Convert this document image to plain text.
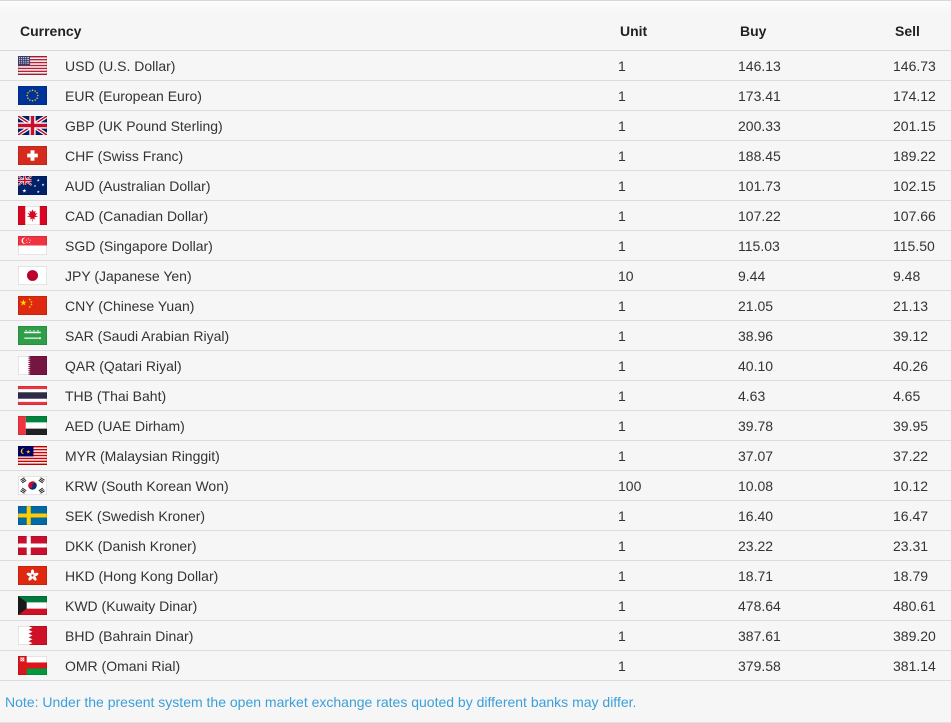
Currency	Unit	Buy	Sell
USD (U.S. Dollar)	1	146.13	146.73
EUR (European Euro)	1	173.41	174.12
GBP (UK Pound Sterling)	1	200.33	201.15
CHF (Swiss Franc)	1	188.45	189.22
★
★
★
★
★ AUD (Australian Dollar)	1	101.73	102.15
CAD (Canadian Dollar)	1	107.22	107.66
SGD (Singapore Dollar)	1	115.03	115.50
JPY (Japanese Yen)	10	9.44	9.48
★ ★
★
★
★ CNY (Chinese Yuan)	1	21.05	21.13
SAR (Saudi Arabian Riyal)	1	38.96	39.12
QAR (Qatari Riyal)	1	40.10	40.26
THB (Thai Baht)	1	4.63	4.65
AED (UAE Dirham)	1	39.78	39.95
★ MYR (Malaysian Ringgit)	1	37.07	37.22
KRW (South Korean Won)	100	10.08	10.12
SEK (Swedish Kroner)	1	16.40	16.47
DKK (Danish Kroner)	1	23.22	23.31
HKD (Hong Kong Dollar)	1	18.71	18.79
KWD (Kuwaity Dinar)	1	478.64	480.61
BHD (Bahrain Dinar)	1	387.61	389.20
OMR (Omani Rial)	1	379.58	381.14
Note: Under the present system the open market exchange rates quoted by different banks may differ.
